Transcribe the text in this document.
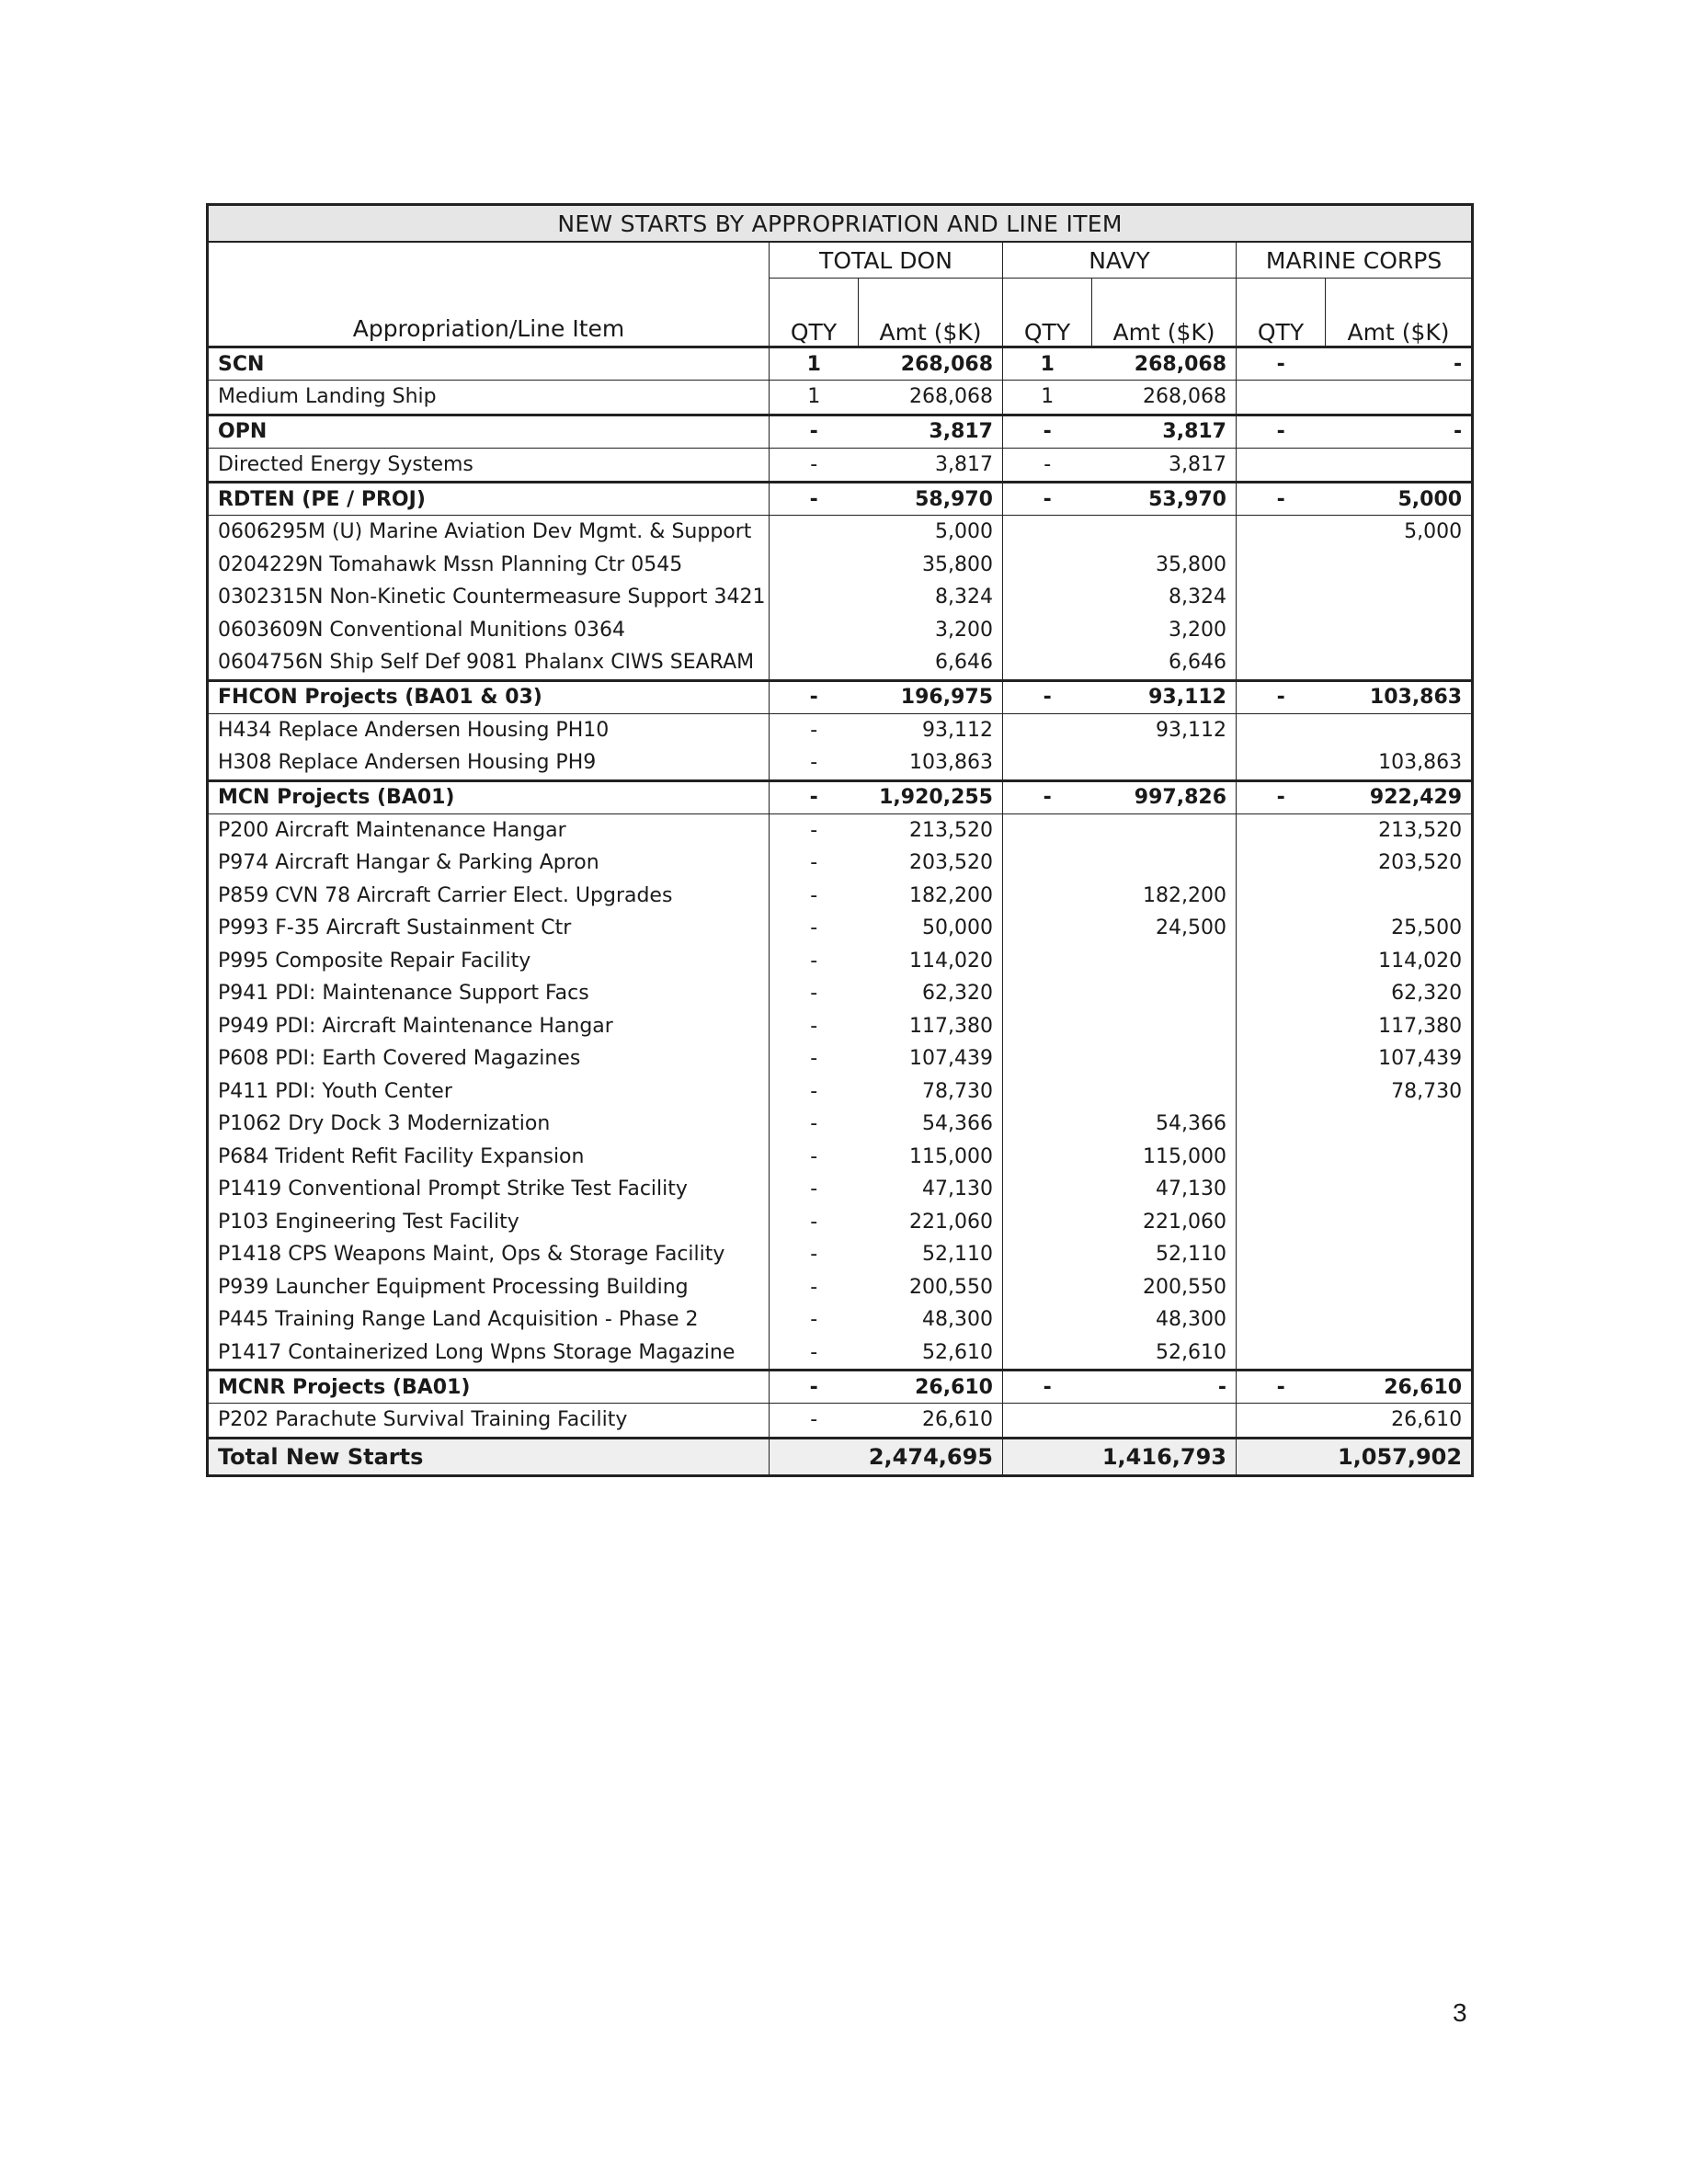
NEW STARTS BY APPROPRIATION AND LINE ITEM						
Appropriation/Line Item	TOTAL DON		NAVY		MARINE CORPS	
	QTY	Amt ($K)	QTY	Amt ($K)	QTY	Amt ($K)
SCN	1	268,068	1	268,068	-	-
Medium Landing Ship	1	268,068	1	268,068		
OPN	-	3,817	-	3,817	-	-
Directed Energy Systems	-	3,817	-	3,817		
RDTEN (PE / PROJ)	-	58,970	-	53,970	-	5,000
0606295M (U) Marine Aviation Dev Mgmt. & Support		5,000				5,000
0204229N Tomahawk Mssn Planning Ctr 0545		35,800		35,800		
0302315N Non-Kinetic Countermeasure Support 3421		8,324		8,324		
0603609N Conventional Munitions 0364		3,200		3,200		
0604756N Ship Self Def 9081 Phalanx CIWS SEARAM		6,646		6,646		
FHCON Projects (BA01 & 03)	-	196,975	-	93,112	-	103,863
H434 Replace Andersen Housing PH10	-	93,112		93,112		
H308 Replace Andersen Housing PH9	-	103,863				103,863
MCN Projects (BA01)	-	1,920,255	-	997,826	-	922,429
P200 Aircraft Maintenance Hangar	-	213,520				213,520
P974 Aircraft Hangar & Parking Apron	-	203,520				203,520
P859 CVN 78 Aircraft Carrier Elect. Upgrades	-	182,200		182,200		
P993 F-35 Aircraft Sustainment Ctr	-	50,000		24,500		25,500
P995 Composite Repair Facility	-	114,020				114,020
P941 PDI: Maintenance Support Facs	-	62,320				62,320
P949 PDI: Aircraft Maintenance Hangar	-	117,380				117,380
P608 PDI: Earth Covered Magazines	-	107,439				107,439
P411 PDI: Youth Center	-	78,730				78,730
P1062 Dry Dock 3 Modernization	-	54,366		54,366		
P684 Trident Refit Facility Expansion	-	115,000		115,000		
P1419 Conventional Prompt Strike Test Facility	-	47,130		47,130		
P103 Engineering Test Facility	-	221,060		221,060		
P1418 CPS Weapons Maint, Ops & Storage Facility	-	52,110		52,110		
P939 Launcher Equipment Processing Building	-	200,550		200,550		
P445 Training Range Land Acquisition - Phase 2	-	48,300		48,300		
P1417 Containerized Long Wpns Storage Magazine	-	52,610		52,610		
MCNR Projects (BA01)	-	26,610	-	-	-	26,610
P202 Parachute Survival Training Facility	-	26,610				26,610
Total New Starts		2,474,695		1,416,793		1,057,902
3
